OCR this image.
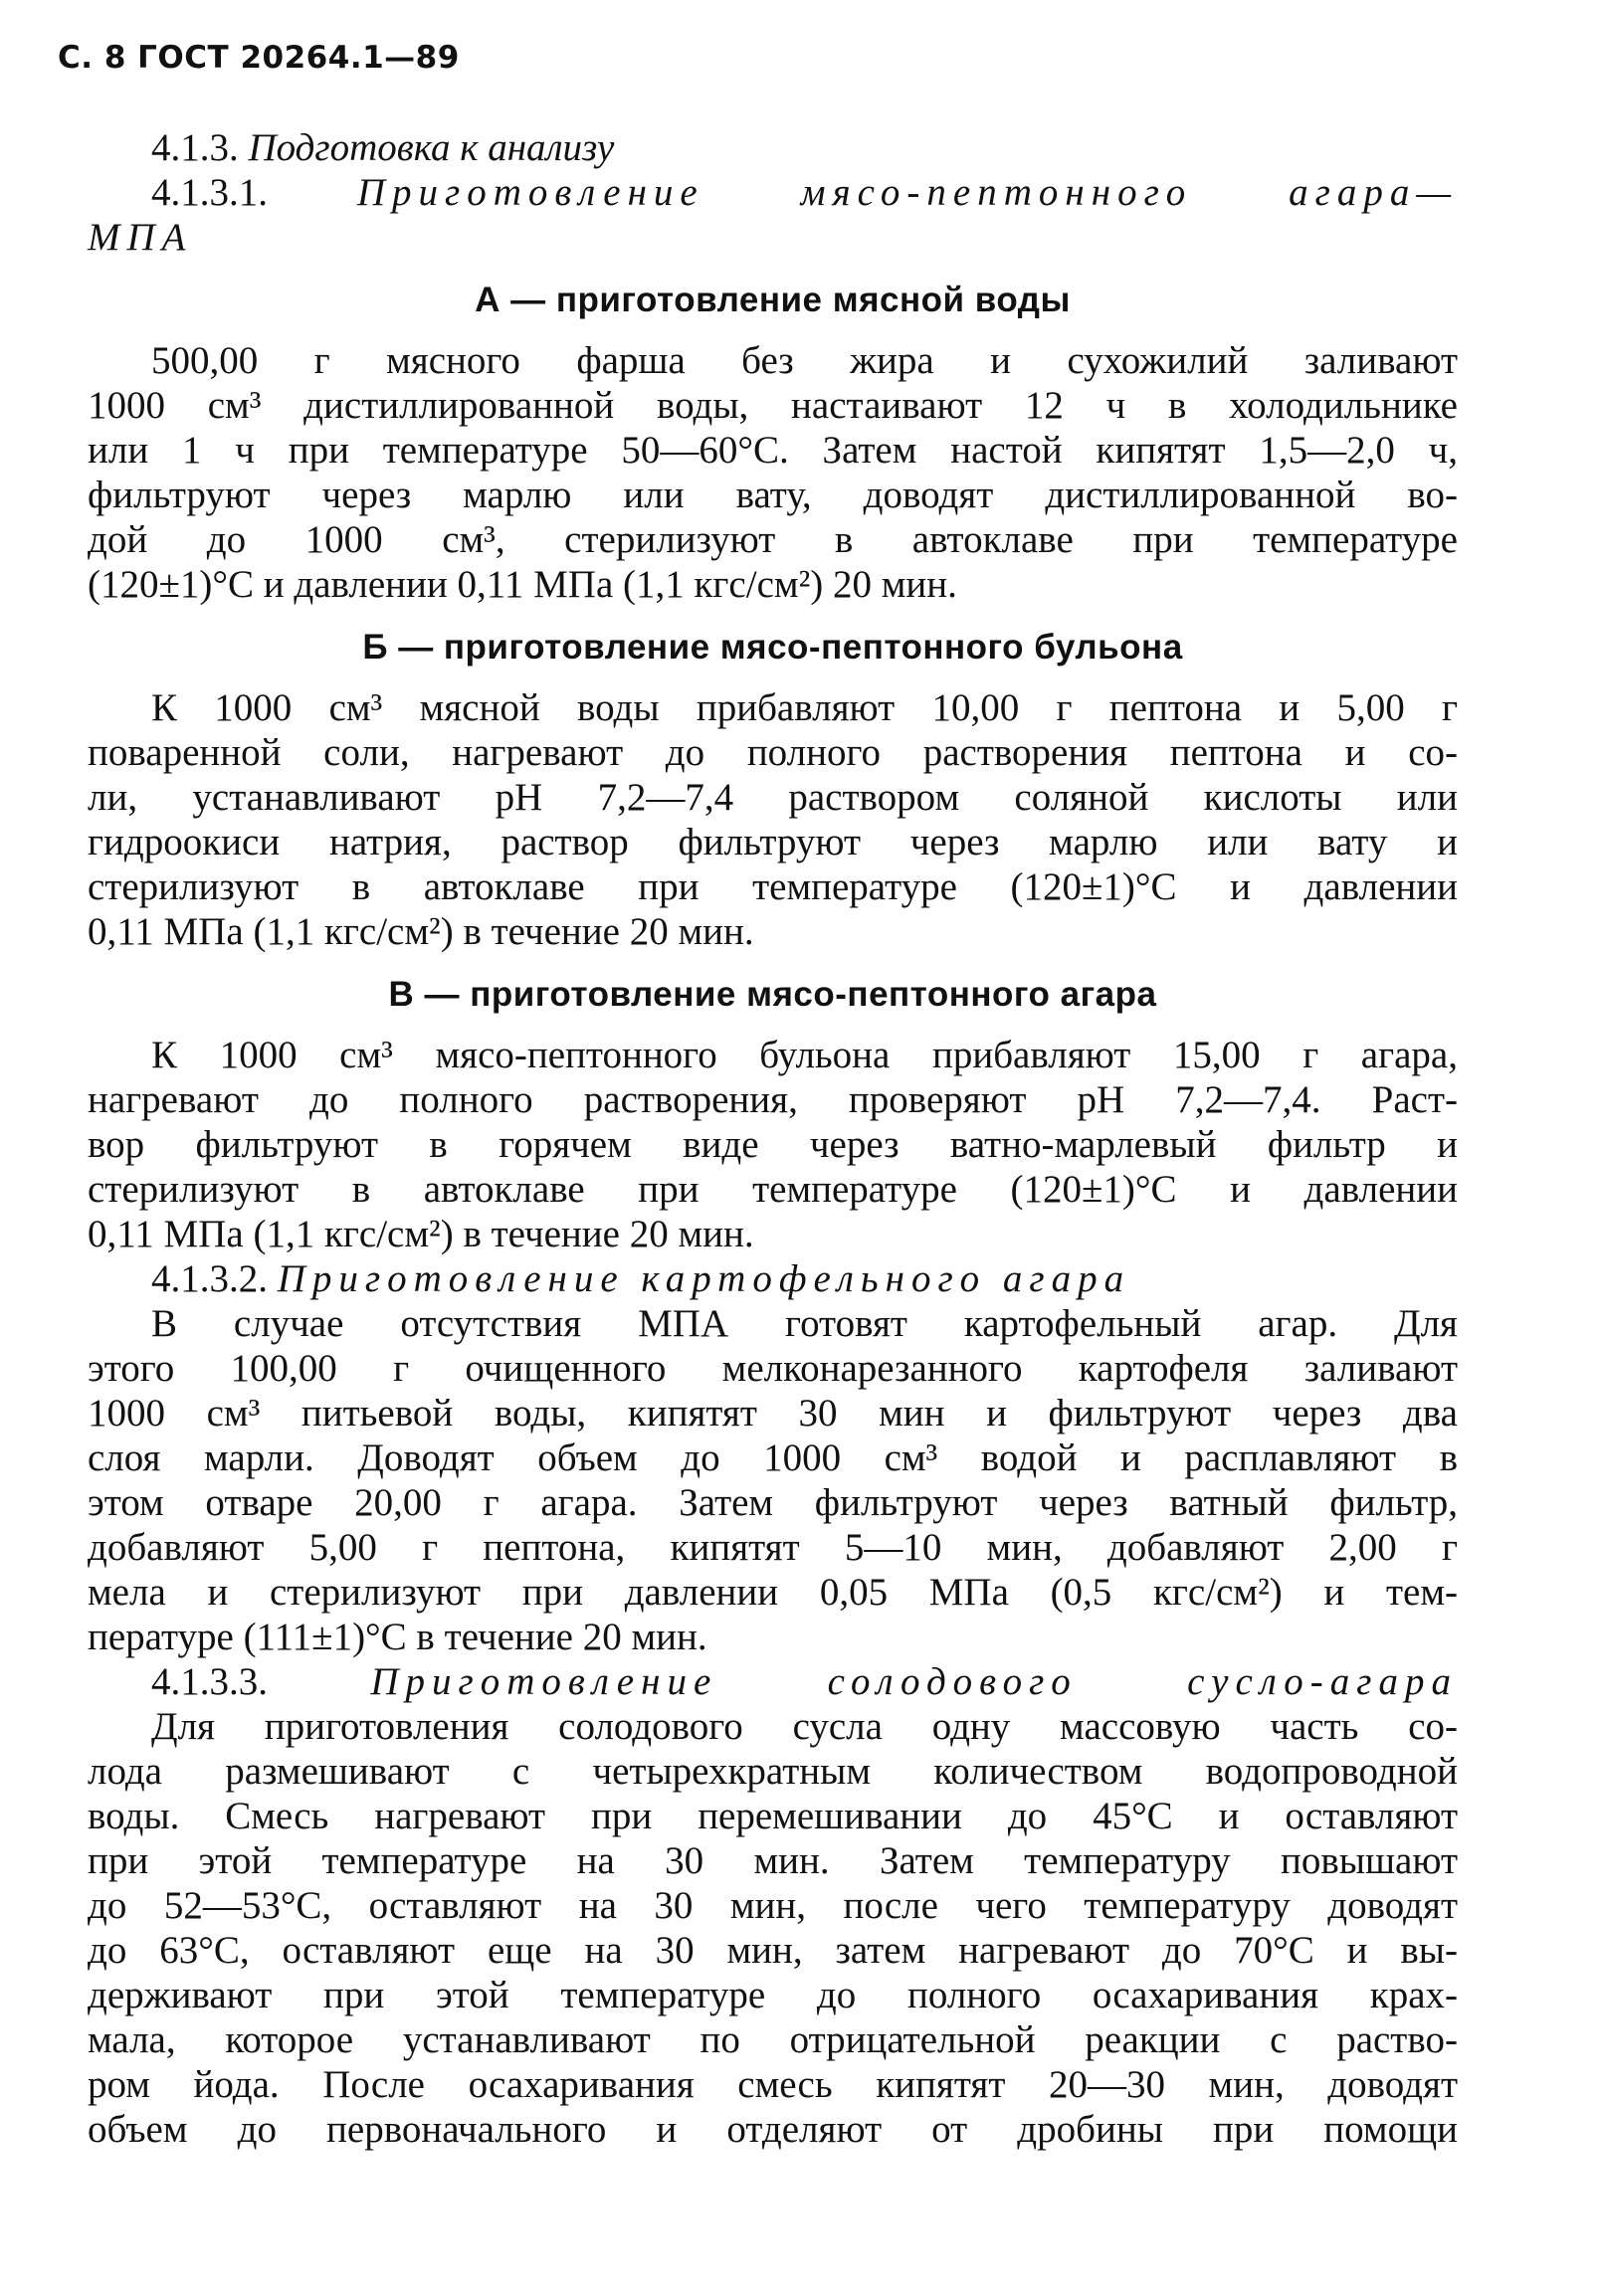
С. 8 ГОСТ 20264.1—89
4.1.3. Подготовка к анализу
4.1.3.1. Приготовление мясо-пептонного агара—
МПА
А — приготовление мясной воды
500,00 г мясного фарша без жира и сухожилий заливают
1000 см³ дистиллированной воды, настаивают 12 ч в холодильнике
или 1 ч при температуре 50—60°С. Затем настой кипятят 1,5—2,0 ч,
фильтруют через марлю или вату, доводят дистиллированной во-
дой до 1000 см³, стерилизуют в автоклаве при температуре
(120±1)°С и давлении 0,11 МПа (1,1 кгс/см²) 20 мин.
Б — приготовление мясо-пептонного бульона
К 1000 см³ мясной воды прибавляют 10,00 г пептона и 5,00 г
поваренной соли, нагревают до полного растворения пептона и со-
ли, устанавливают pH 7,2—7,4 раствором соляной кислоты или
гидроокиси натрия, раствор фильтруют через марлю или вату и
стерилизуют в автоклаве при температуре (120±1)°С и давлении
0,11 МПа (1,1 кгс/см²) в течение 20 мин.
В — приготовление мясо-пептонного агара
К 1000 см³ мясо-пептонного бульона прибавляют 15,00 г агара,
нагревают до полного растворения, проверяют pH 7,2—7,4. Раст-
вор фильтруют в горячем виде через ватно-марлевый фильтр и
стерилизуют в автоклаве при температуре (120±1)°С и давлении
0,11 МПа (1,1 кгс/см²) в течение 20 мин.
4.1.3.2. Приготовление картофельного агара
В случае отсутствия МПА готовят картофельный агар. Для
этого 100,00 г очищенного мелконарезанного картофеля заливают
1000 см³ питьевой воды, кипятят 30 мин и фильтруют через два
слоя марли. Доводят объем до 1000 см³ водой и расплавляют в
этом отваре 20,00 г агара. Затем фильтруют через ватный фильтр,
добавляют 5,00 г пептона, кипятят 5—10 мин, добавляют 2,00 г
мела и стерилизуют при давлении 0,05 МПа (0,5 кгс/см²) и тем-
пературе (111±1)°С в течение 20 мин.
4.1.3.3.	Приготовление солодового сусло-агара
Для приготовления солодового сусла одну массовую часть со-
лода размешивают с четырехкратным количеством водопроводной
воды. Смесь нагревают при перемешивании до 45°С и оставляют
при этой температуре на 30 мин. Затем температуру повышают
до 52—53°С, оставляют на 30 мин, после чего температуру доводят
до 63°С, оставляют еще на 30 мин, затем нагревают до 70°С и вы-
держивают при этой температуре до полного осахаривания крах-
мала, которое устанавливают по отрицательной реакции с раство-
ром йода. После осахаривания смесь кипятят 20—30 мин, доводят
объем до первоначального и отделяют от дробины при помощи
